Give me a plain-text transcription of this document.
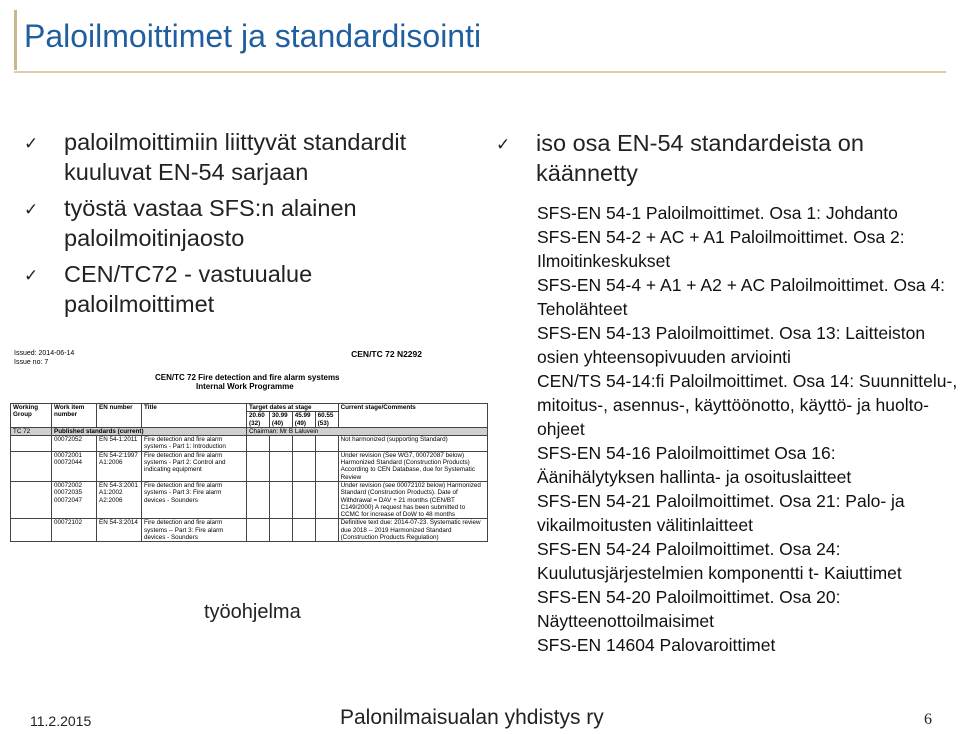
Paloilmoittimet ja standardisointi
✓ paloilmoittimiin liittyvät standardit kuuluvat EN-54 sarjaan
✓ työstä vastaa SFS:n alainen paloilmoitinjaosto
✓ CEN/TC72 - vastuualue paloilmoittimet
Issued: 2014-06-14
Issue no: 7
CEN/TC 72 N2292
CEN/TC 72 Fire detection and fire alarm systems
Internal Work Programme
Working Group	Work item number	EN number	Title	Target dates at stage				Current stage/Comments
				20.60 (32)	30.99 (40)	45.99 (49)	60.55 (53)	
TC 72	Published standards (current)			Chairman: Mr B Laluvein				
	00072052	EN 54-1:2011	Fire detection and fire alarm systems - Part 1: Introduction					Not harmonized (supporting Standard)
	00072001 00072044	EN 54-2:1997 A1:2006	Fire detection and fire alarm systems - Part 2: Control and indicating equipment					Under revision (See WG7, 00072087 below) Harmonized Standard (Construction Products) According to CEN Database, due for Systematic Review
	00072002 00072035 00072047	EN 54-3:2001 A1:2002 A2:2006	Fire detection and fire alarm systems - Part 3: Fire alarm devices - Sounders					Under revision (see 00072102 below) Harmonized Standard (Construction Products). Date of Withdrawal = DAV + 21 months (CEN/BT C149/2000) A request has been submitted to CCMC for increase of DoW to 48 months
	00072102	EN 54-3:2014	Fire detection and fire alarm systems -- Part 3: Fire alarm devices - Sounders					Definitive text due: 2014-07-23. Systematic review due 2018 -- 2019 Harmonized Standard (Construction Products Regulation)
työohjelma
✓ iso osa EN-54 standardeista on käännetty
SFS-EN 54-1 Paloilmoittimet. Osa 1: Johdanto
SFS-EN 54-2 + AC + A1 Paloilmoittimet. Osa 2: Ilmoitinkeskukset
SFS-EN 54-4 + A1 + A2 + AC Paloilmoittimet. Osa 4: Teholähteet
SFS-EN 54-13 Paloilmoittimet. Osa 13: Laitteiston osien yhteensopivuuden arviointi
CEN/TS 54-14:fi Paloilmoittimet. Osa 14: Suunnittelu-, mitoitus-, asennus-, käyttöönotto, käyttö- ja huolto-ohjeet
SFS-EN 54-16 Paloilmoittimet Osa 16: Äänihälytyksen hallinta- ja osoituslaitteet
SFS-EN 54-21 Paloilmoittimet. Osa 21: Palo- ja vikailmoitusten välitinlaitteet
SFS-EN 54-24 Paloilmoittimet. Osa 24: Kuulutusjärjestelmien komponentti t- Kaiuttimet
SFS-EN 54-20 Paloilmoittimet. Osa 20: Näytteenottoilmaisimet
SFS-EN 14604 Palovaroittimet
11.2.2015	Palonilmaisualan yhdistys ry	6
